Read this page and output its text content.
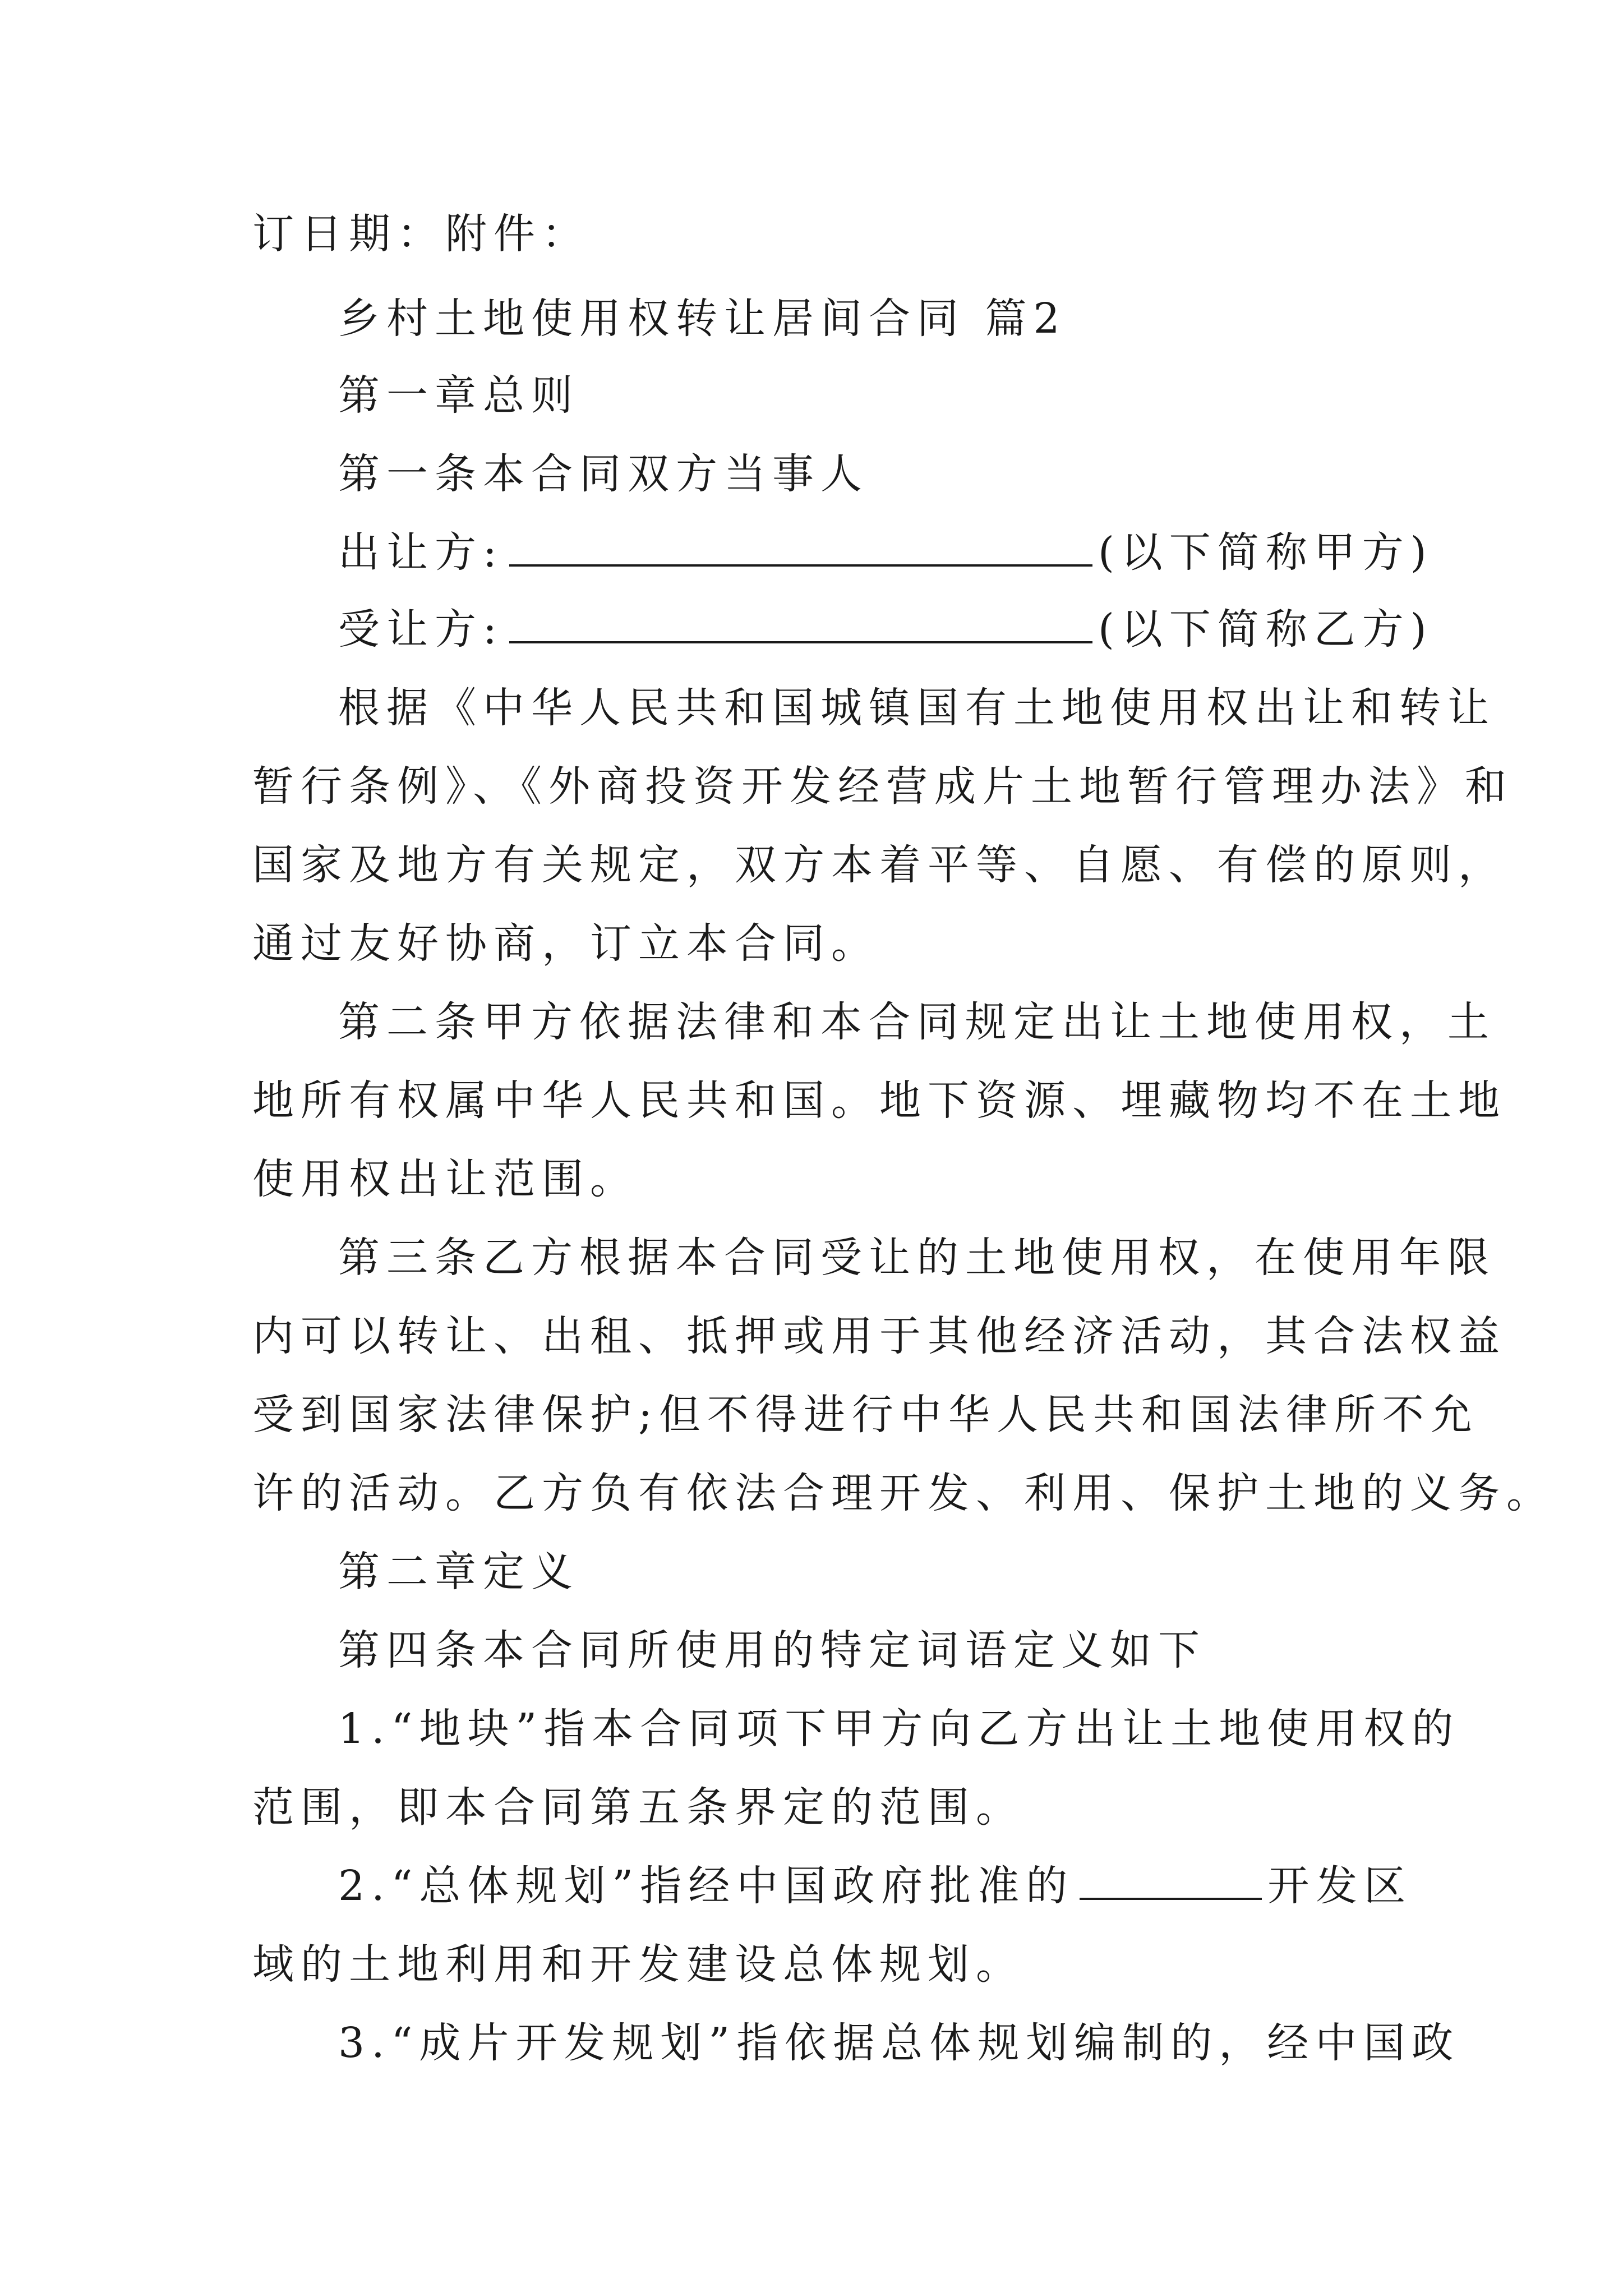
订日期：附件：

乡村土地使用权转让居间合同 篇2

第一章总则

第一条本合同双方当事人

出让方:	(以下简称甲方)

受让方:	(以下简称乙方)

根据《中华人民共和国城镇国有土地使用权出让和转让

暂行条例》、《外商投资开发经营成片土地暂行管理办法》和

国家及地方有关规定，双方本着平等、自愿、有偿的原则，

通过友好协商，订立本合同。

第二条甲方依据法律和本合同规定出让土地使用权，土

地所有权属中华人民共和国。地下资源、埋藏物均不在土地

使用权出让范围。

第三条乙方根据本合同受让的土地使用权，在使用年限

内可以转让、出租、抵押或用于其他经济活动，其合法权益

受到国家法律保护;但不得进行中华人民共和国法律所不允

许的活动。乙方负有依法合理开发、利用、保护土地的义务。

第二章定义

第四条本合同所使用的特定词语定义如下

1.“地块”指本合同项下甲方向乙方出让土地使用权的

范围，即本合同第五条界定的范围。

2.“总体规划”指经中国政府批准的	开发区

域的土地利用和开发建设总体规划。

3.“成片开发规划”指依据总体规划编制的，经中国政
